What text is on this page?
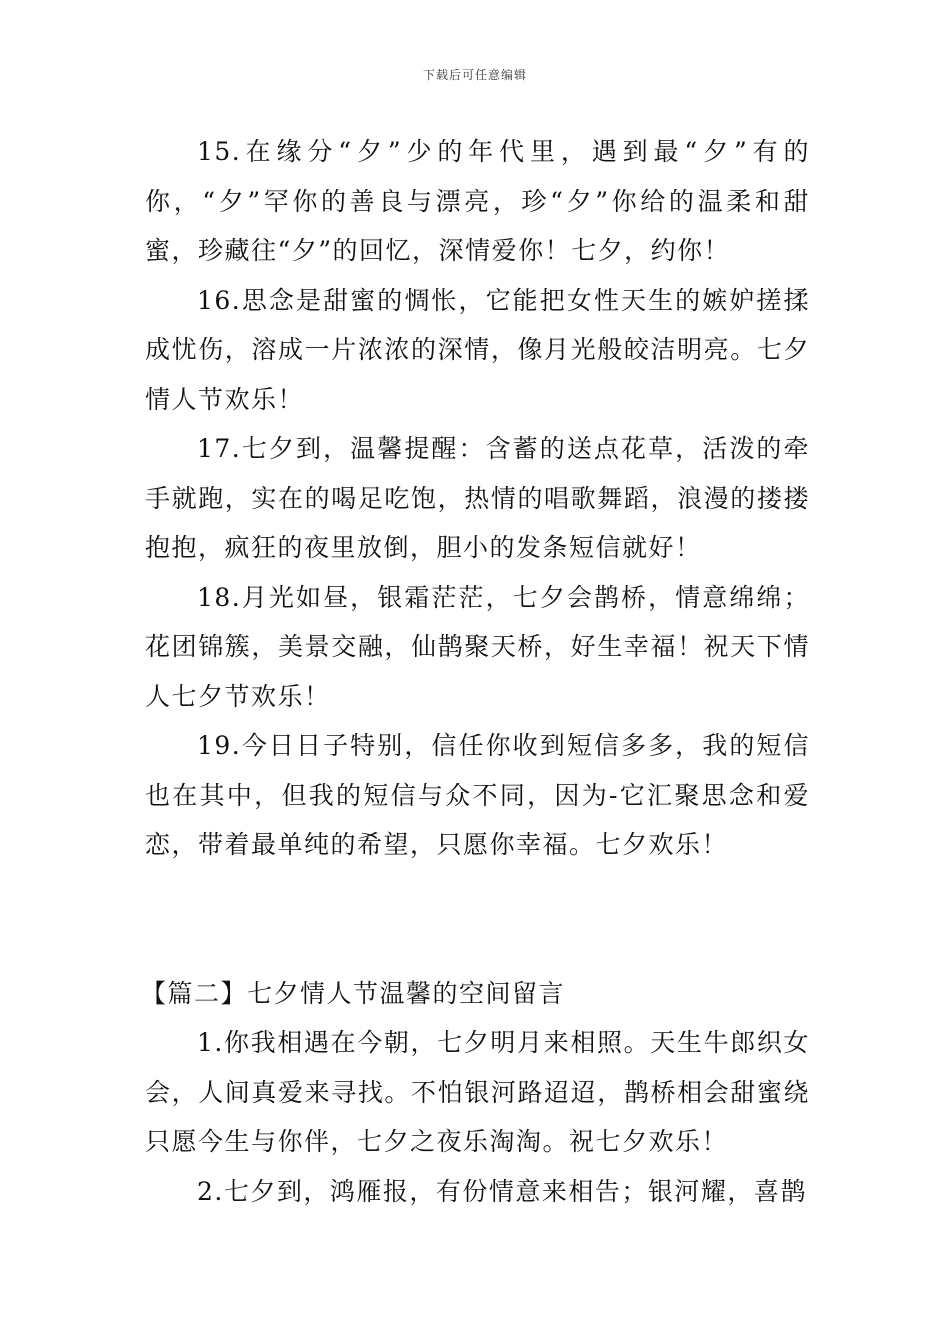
下载后可任意编辑

15.在缘分“夕”少的年代里，遇到最“夕”有的你，“夕”罕你的善良与漂亮，珍“夕”你给的温柔和甜蜜，珍藏往“夕”的回忆，深情爱你！七夕，约你！

16.思念是甜蜜的惆怅，它能把女性天生的嫉妒搓揉成忧伤，溶成一片浓浓的深情，像月光般皎洁明亮。七夕情人节欢乐！

17.七夕到，温馨提醒：含蓄的送点花草，活泼的牵手就跑，实在的喝足吃饱，热情的唱歌舞蹈，浪漫的搂搂抱抱，疯狂的夜里放倒，胆小的发条短信就好！

18.月光如昼，银霜茫茫，七夕会鹊桥，情意绵绵；花团锦簇，美景交融，仙鹊聚天桥，好生幸福！祝天下情人七夕节欢乐！

19.今日日子特别，信任你收到短信多多，我的短信也在其中，但我的短信与众不同，因为-它汇聚思念和爱恋，带着最单纯的希望，只愿你幸福。七夕欢乐！

【篇二】七夕情人节温馨的空间留言

1.你我相遇在今朝，七夕明月来相照。天生牛郎织女会，人间真爱来寻找。不怕银河路迢迢，鹊桥相会甜蜜绕只愿今生与你伴，七夕之夜乐淘淘。祝七夕欢乐！

2.七夕到，鸿雁报，有份情意来相告；银河耀，喜鹊
